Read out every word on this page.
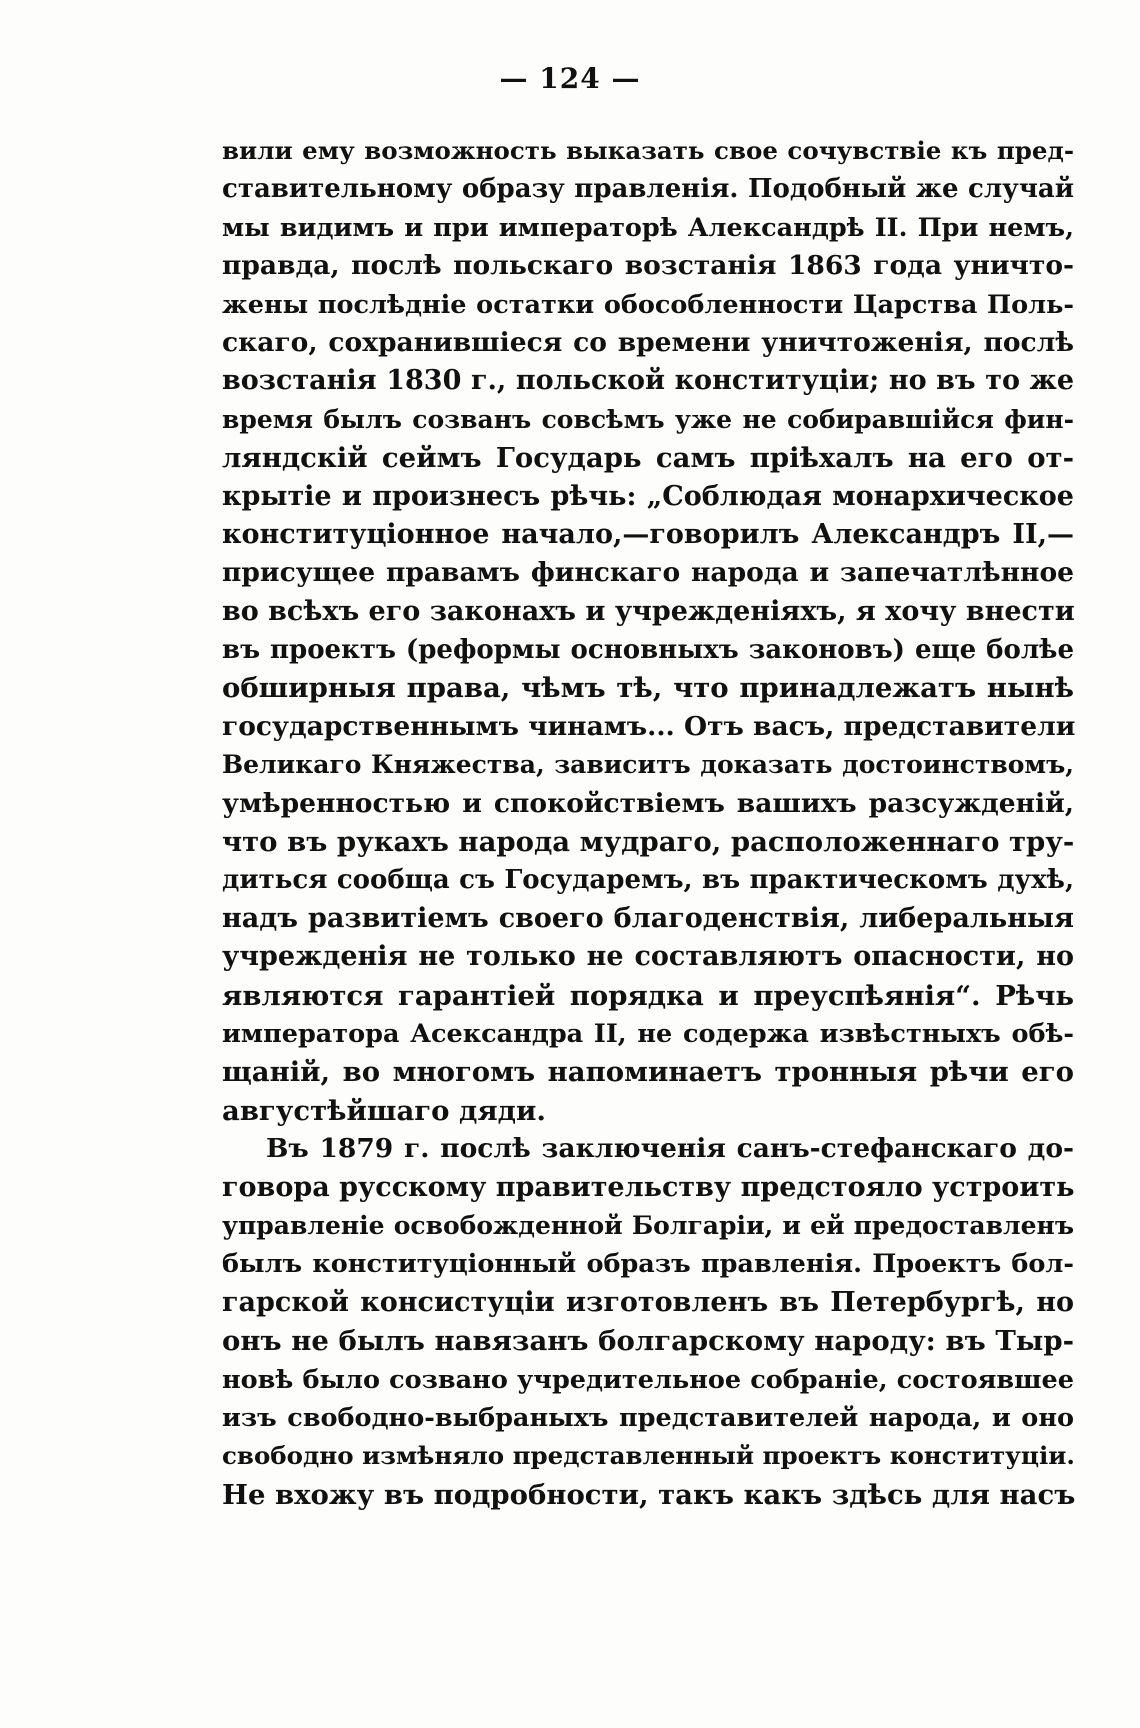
— 124 —
вили ему возможность выказать свое сочувствіе къ пред-
ставительному образу правленія. Подобный же случай
мы видимъ и при императорѣ Александрѣ II. При немъ,
правда, послѣ польскаго возстанія 1863 года уничто-
жены послѣдніе остатки обособленности Царства Поль-
скаго, сохранившіеся со времени уничтоженія, послѣ
возстанія 1830 г., польской конституціи; но въ то же
время былъ созванъ совсѣмъ уже не собиравшійся фин-
ляндскій сеймъ Государь самъ пріѣхалъ на его от-
крытіе и произнесъ рѣчь: „Соблюдая монархическое
конституціонное начало,—говорилъ Александръ II,—
присущее правамъ финскаго народа и запечатлѣнное
во всѣхъ его законахъ и учрежденіяхъ, я хочу внести
въ проектъ (реформы основныхъ законовъ) еще болѣе
обширныя права, чѣмъ тѣ, что принадлежатъ нынѣ
государственнымъ чинамъ... Отъ васъ, представители
Великаго Княжества, зависитъ доказать достоинствомъ,
умѣренностью и спокойствіемъ вашихъ разсужденій,
что въ рукахъ народа мудраго, расположеннаго тру-
диться сообща съ Государемъ, въ практическомъ духѣ,
надъ развитіемъ своего благоденствія, либеральныя
учрежденія не только не составляютъ опасности, но
являются гарантіей порядка и преуспѣянія“. Рѣчь
императора Асександра II, не содержа извѣстныхъ обѣ-
щаній, во многомъ напоминаетъ тронныя рѣчи его
августѣйшаго дяди.
Въ 1879 г. послѣ заключенія санъ-стефанскаго до-
говора русскому правительству предстояло устроить
управленіе освобожденной Болгаріи, и ей предоставленъ
былъ конституціонный образъ правленія. Проектъ бол-
гарской консистуціи изготовленъ въ Петербургѣ, но
онъ не былъ навязанъ болгарскому народу: въ Тыр-
новѣ было созвано учредительное собраніе, состоявшее
изъ свободно-выбраныхъ представителей народа, и оно
свободно измѣняло представленный проектъ конституціи.
Не вхожу въ подробности, такъ какъ здѣсь для насъ
